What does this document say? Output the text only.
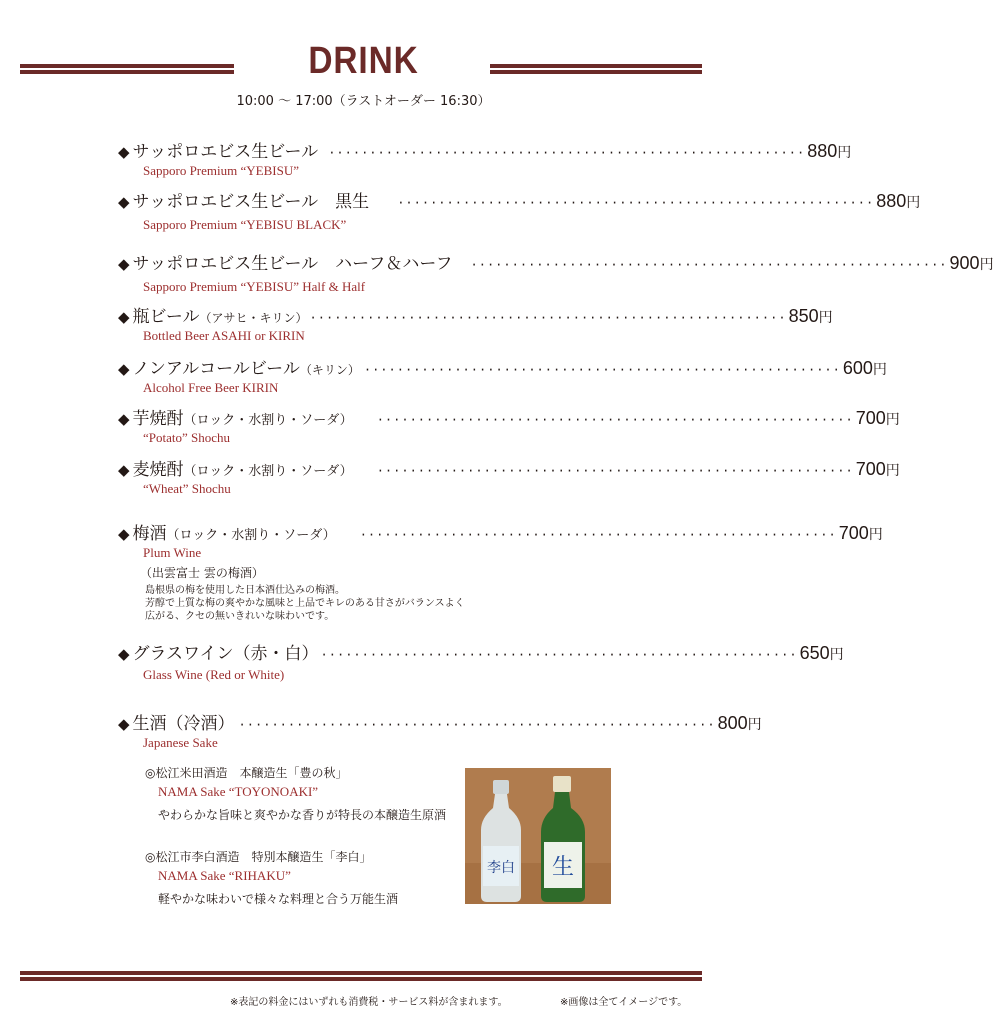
DRINK
10:00 ～ 17:00（ラストオーダー 16:30）
◆ サッポロエビス生ビール ·························································· 880 円
Sapporo Premium “YEBISU”
◆ サッポロエビス生ビール　黒生 ·························································· 880 円
Sapporo Premium “YEBISU BLACK”
◆ サッポロエビス生ビール　ハーフ＆ハーフ ·························································· 900 円
Sapporo Premium “YEBISU” Half & Half
◆ 瓶ビール （アサヒ・キリン） ·························································· 850 円
Bottled Beer ASAHI or KIRIN
◆ ノンアルコールビール （キリン） ·························································· 600 円
Alcohol Free Beer KIRIN
◆ 芋焼酎 （ロック・水割り・ソーダ） ·························································· 700 円
“Potato” Shochu
◆ 麦焼酎 （ロック・水割り・ソーダ） ·························································· 700 円
“Wheat” Shochu
◆ 梅酒 （ロック・水割り・ソーダ） ·························································· 700 円
Plum Wine
（出雲富士 雲の梅酒）
島根県の梅を使用した日本酒仕込みの梅酒。
芳醇で上質な梅の爽やかな風味と上品でキレのある甘さがバランスよく
広がる、クセの無いきれいな味わいです。
◆ グラスワイン（赤・白） ·························································· 650 円
Glass Wine (Red or White)
◆ 生酒（冷酒） ·························································· 800 円
Japanese Sake
◎松江米田酒造　本醸造生「豊の秋」
NAMA Sake “TOYONOAKI”
やわらかな旨味と爽やかな香りが特長の本醸造生原酒
◎松江市李白酒造　特別本醸造生「李白」
NAMA Sake “RIHAKU”
軽やかな味わいで様々な料理と合う万能生酒
李白 生
※表記の料金にはいずれも消費税・サービス料が含まれます。	※画像は全てイメージです。
